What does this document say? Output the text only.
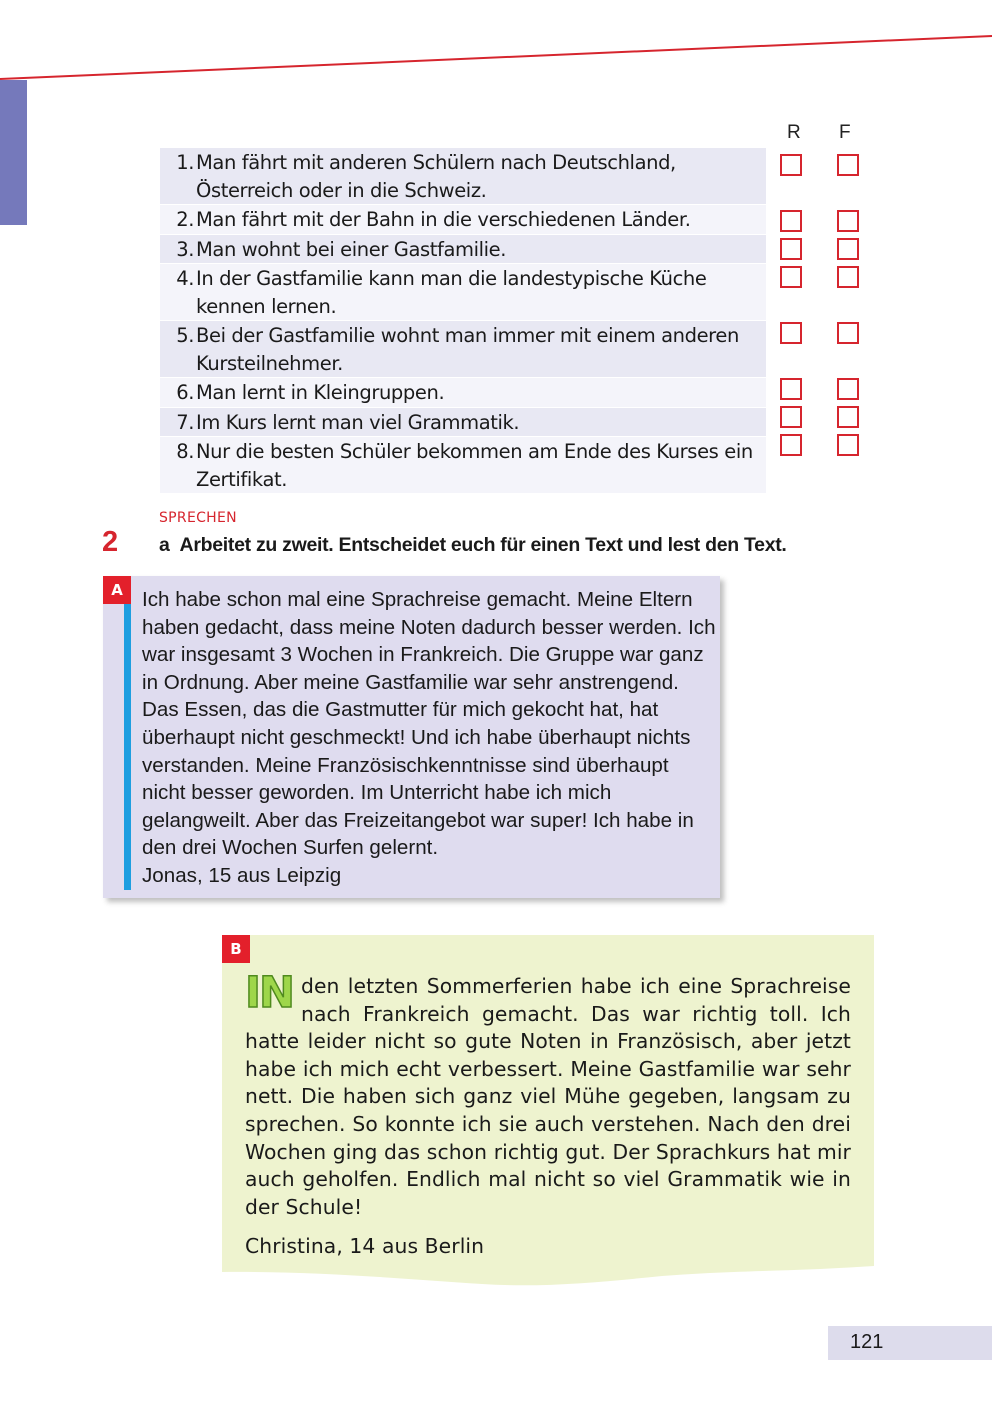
R F
1. Man fährt mit anderen Schülern nach Deutschland, Österreich oder in die Schweiz.
2. Man fährt mit der Bahn in die verschiedenen Länder.
3. Man wohnt bei einer Gastfamilie.
4. In der Gastfamilie kann man die landestypische Küche kennen lernen.
5. Bei der Gastfamilie wohnt man immer mit einem anderen Kursteilnehmer.
6. Man lernt in Kleingruppen.
7. Im Kurs lernt man viel Grammatik.
8. Nur die besten Schüler bekommen am Ende des Kurses ein Zertifikat.
SPRECHEN
2 a Arbeitet zu zweit. Entscheidet euch für einen Text und lest den Text.
A Ich habe schon mal eine Sprachreise gemacht. Meine Eltern haben gedacht, dass meine Noten dadurch besser werden. Ich war insgesamt 3 Wochen in Frankreich. Die Gruppe war ganz in Ordnung. Aber meine Gastfamilie war sehr anstrengend. Das Essen, das die Gastmutter für mich gekocht hat, hat überhaupt nicht geschmeckt! Und ich habe überhaupt nichts verstanden. Meine Französischkenntnisse sind überhaupt nicht besser geworden. Im Unterricht habe ich mich gelangweilt. Aber das Freizeitangebot war super! Ich habe in den drei Wochen Surfen gelernt.

Jonas, 15 aus Leipzig

B

IN den letzten Sommerferien habe ich eine Sprachreise nach Frankreich gemacht. Das war richtig toll. Ich hatte leider nicht so gute Noten in Französisch, aber jetzt habe ich mich echt verbessert. Meine Gastfamilie war sehr nett. Die haben sich ganz viel Mühe gegeben, langsam zu sprechen. So konnte ich sie auch verstehen. Nach den drei Wochen ging das schon richtig gut. Der Sprachkurs hat mir auch geholfen. Endlich mal nicht so viel Grammatik wie in der Schule!

Christina, 14 aus Berlin

121
